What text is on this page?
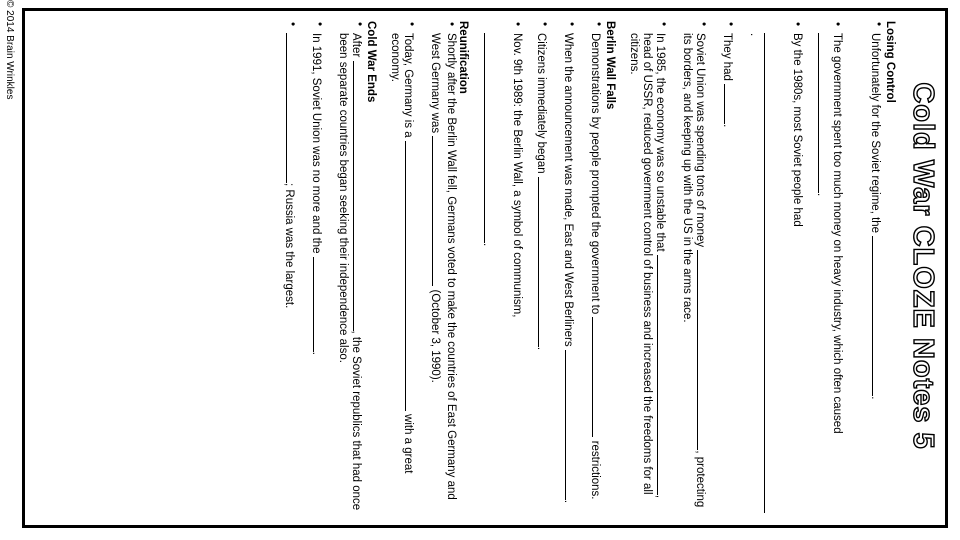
© 2014 Brain Wrinkles
Cold War CLOZE Notes 5
Losing Control
• Unfortunately for the Soviet regime, the .
• The government spent too much money on heavy industry, which often caused .
• By the 1980s, most Soviet people had
.
• They had .
• Soviet Union was spending tons of money , protecting its borders, and keeping up with the US in the arms race.
• In 1985, the economy was so unstable that , head of USSR, reduced government control of business and increased the freedoms for all citizens.
Berlin Wall Falls
• Demonstrations by people prompted the government to  restrictions.
• When the announcement was made, East and West Berliners .
• Citizens immediately began .
• Nov. 9th 1989: the Berlin Wall, a symbol of communism,
.
Reunification
• Shortly after the Berlin Wall fell, Germans voted to make the countries of East Germany and West Germany was  (October 3, 1990).
• Today, Germany is a  with a great economy.
Cold War Ends
• After , the Soviet republics that had once been separate countries began seeking their independence also.
• In 1991, Soviet Union was no more and the .
• ; Russia was the largest.
